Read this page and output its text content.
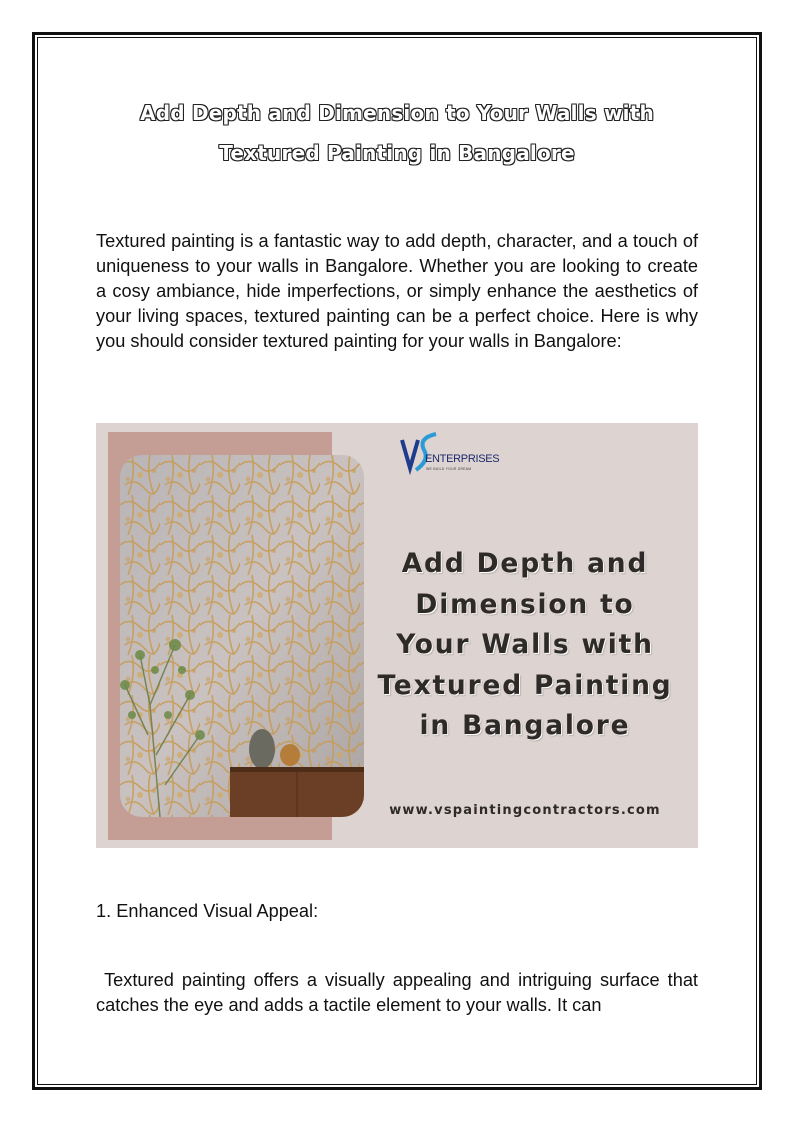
Add Depth and Dimension to Your Walls with
Textured Painting in Bangalore
Textured painting is a fantastic way to add depth, character, and a touch of uniqueness to your walls in Bangalore. Whether you are looking to create a cosy ambiance, hide imperfections, or simply enhance the aesthetics of your living spaces, textured painting can be a perfect choice. Here is why you should consider textured painting for your walls in Bangalore:
ENTERPRISES
WE BUILD YOUR DREAM
Add Depth and
Dimension to
Your Walls with
Textured Painting
in Bangalore
www.vspaintingcontractors.com
1. Enhanced Visual Appeal:
Textured painting offers a visually appealing and intriguing surface that catches the eye and adds a tactile element to your walls. It can
